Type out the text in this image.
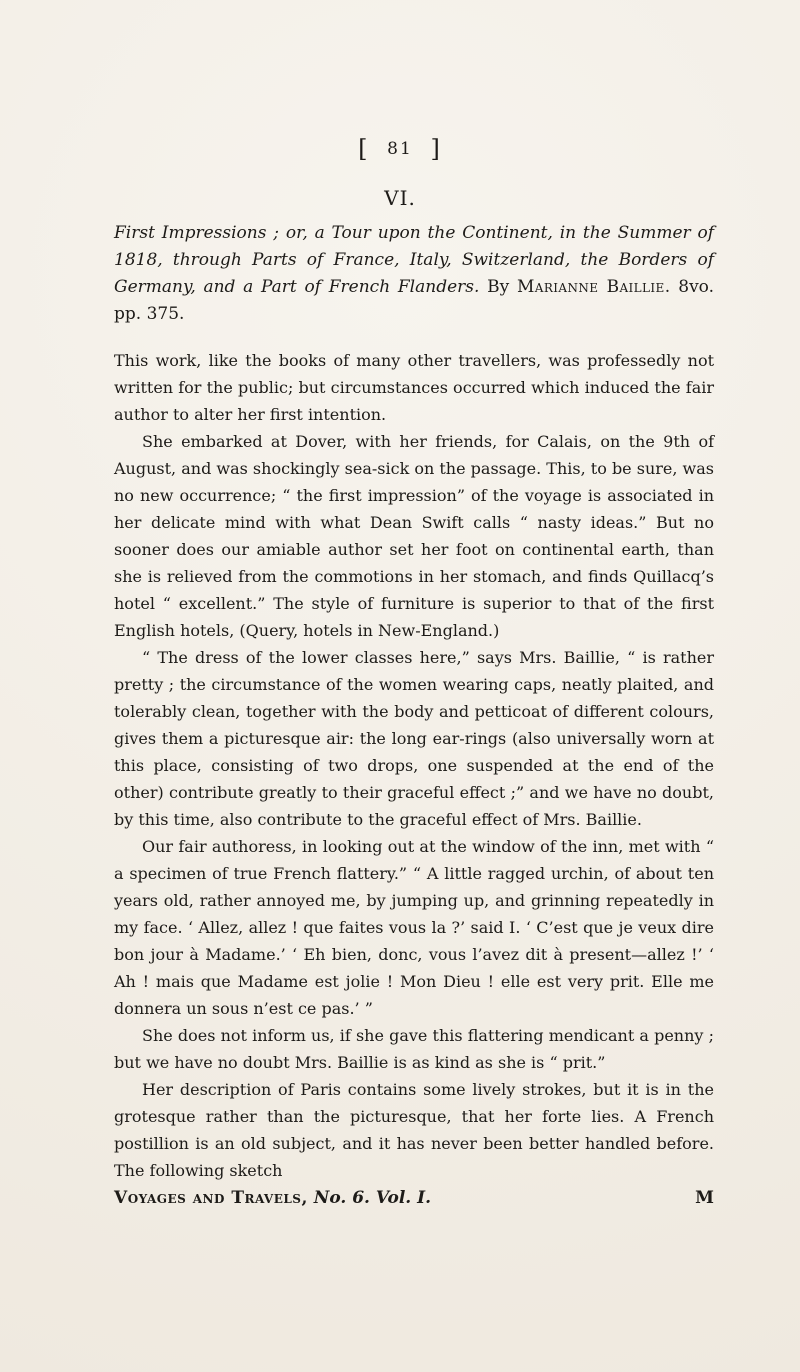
[ 81 ]
VI.
First Impressions ; or, a Tour upon the Continent, in the Summer of 1818, through Parts of France, Italy, Switzerland, the Borders of Germany, and a Part of French Flanders. By Marianne Baillie. 8vo. pp. 375.

This work, like the books of many other travellers, was professedly not written for the public; but circumstances occurred which induced the fair author to alter her first intention.

She embarked at Dover, with her friends, for Calais, on the 9th of August, and was shockingly sea-sick on the passage. This, to be sure, was no new occurrence; “ the first impression” of the voyage is associated in her delicate mind with what Dean Swift calls “ nasty ideas.” But no sooner does our amiable author set her foot on continental earth, than she is relieved from the commotions in her stomach, and finds Quillacq’s hotel “ excellent.” The style of furniture is superior to that of the first English hotels, (Query, hotels in New-England.)

“ The dress of the lower classes here,” says Mrs. Baillie, “ is rather pretty ; the circumstance of the women wearing caps, neatly plaited, and tolerably clean, together with the body and petticoat of different colours, gives them a picturesque air: the long ear-rings (also universally worn at this place, consisting of two drops, one suspended at the end of the other) contribute greatly to their graceful effect ;” and we have no doubt, by this time, also contribute to the graceful effect of Mrs. Baillie.

Our fair authoress, in looking out at the window of the inn, met with “ a specimen of true French flattery.” “ A little ragged urchin, of about ten years old, rather annoyed me, by jumping up, and grinning repeatedly in my face. ‘ Allez, allez ! que faites vous la ?’ said I. ‘ C’est que je veux dire bon jour à Madame.’ ‘ Eh bien, donc, vous l’avez dit à present—allez !’ ‘ Ah ! mais que Madame est jolie ! Mon Dieu ! elle est very prit. Elle me donnera un sous n’est ce pas.’ ”

She does not inform us, if she gave this flattering mendicant a penny ; but we have no doubt Mrs. Baillie is as kind as she is “ prit.”

Her description of Paris contains some lively strokes, but it is in the grotesque rather than the picturesque, that her forte lies. A French postillion is an old subject, and it has never been better handled before. The following sketch

Voyages and Travels, No. 6. Vol. I.	M
